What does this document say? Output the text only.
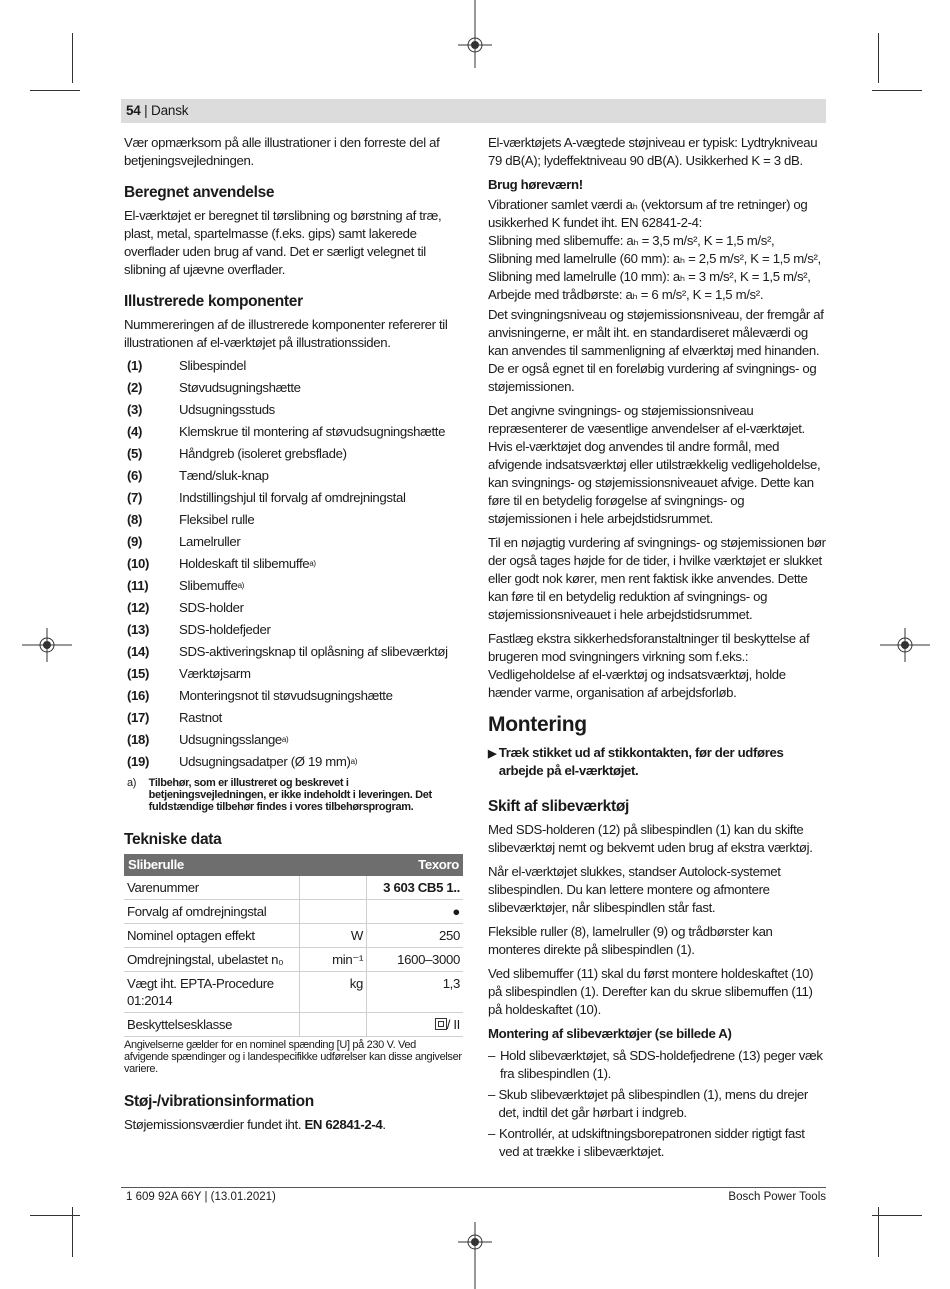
54 | Dansk

Vær opmærksom på alle illustrationer i den forreste del af betjeningsvejledningen.

Beregnet anvendelse

El-værktøjet er beregnet til tørslibning og børstning af træ, plast, metal, spartelmasse (f.eks. gips) samt lakerede overflader uden brug af vand. Det er særligt velegnet til slibning af ujævne overflader.

Illustrerede komponenter

Nummereringen af de illustrerede komponenter refererer til illustrationen af el-værktøjet på illustrationssiden.

(1)	Slibespindel
(2)	Støvudsugningshætte
(3)	Udsugningsstuds
(4)	Klemskrue til montering af støvudsugningshætte
(5)	Håndgreb (isoleret grebsflade)
(6)	Tænd/sluk-knap
(7)	Indstillingshjul til forvalg af omdrejningstal
(8)	Fleksibel rulle
(9)	Lamelruller
(10)	Holdeskaft til slibemuffe a)
(11)	Slibemuffe a)
(12)	SDS-holder
(13)	SDS-holdefjeder
(14)	SDS-aktiveringsknap til oplåsning af slibeværktøj
(15)	Værktøjsarm
(16)	Monteringsnot til støvudsugningshætte
(17)	Rastnot
(18)	Udsugningsslange a)
(19)	Udsugningsadatper (Ø 19 mm) a)
a)	Tilbehør, som er illustreret og beskrevet i betjeningsvejledningen, er ikke indeholdt i leveringen. Det fuldstændige tilbehør findes i vores tilbehørsprogram.
Tekniske data
Sliberulle		Texoro
Varenummer		3 603 CB5 1..
Forvalg af omdrejningstal		●
Nominel optagen effekt	W	250
Omdrejningstal, ubelastet n₀	min⁻¹	1600–3000
Vægt iht. EPTA-Procedure 01:2014	kg	1,3
Beskyttelsesklasse		/ II
Angivelserne gælder for en nominel spænding [U] på 230 V. Ved afvigende spændinger og i landespecifikke udførelser kan disse angivelser variere.
Støj-/vibrationsinformation

Støjemissionsværdier fundet iht. EN 62841-2-4.

El-værktøjets A-vægtede støjniveau er typisk: Lydtrykniveau 79 dB(A); lydeffektniveau 90 dB(A). Usikkerhed K = 3 dB.

Brug høreværn!

Vibrationer samlet værdi aₕ (vektorsum af tre retninger) og usikkerhed K fundet iht. EN 62841-2-4:
Slibning med slibemuffe: aₕ = 3,5 m/s², K = 1,5 m/s²,
Slibning med lamelrulle (60 mm): aₕ = 2,5 m/s², K = 1,5 m/s²,
Slibning med lamelrulle (10 mm): aₕ = 3 m/s², K = 1,5 m/s²,
Arbejde med trådbørste: aₕ = 6 m/s², K = 1,5 m/s².

Det svingningsniveau og støjemissionsniveau, der fremgår af anvisningerne, er målt iht. en standardiseret måleværdi og kan anvendes til sammenligning af elværktøj med hinanden. De er også egnet til en foreløbig vurdering af svingnings- og støjemissionen.

Det angivne svingnings- og støjemissionsniveau repræsenterer de væsentlige anvendelser af el-værktøjet. Hvis el-værktøjet dog anvendes til andre formål, med afvigende indsatsværktøj eller utilstrækkelig vedligeholdelse, kan svingnings- og støjemissionsniveauet afvige. Dette kan føre til en betydelig forøgelse af svingnings- og støjemissionen i hele arbejdstidsrummet.

Til en nøjagtig vurdering af svingnings- og støjemissionen bør der også tages højde for de tider, i hvilke værktøjet er slukket eller godt nok kører, men rent faktisk ikke anvendes. Dette kan føre til en betydelig reduktion af svingnings- og støjemissionsniveauet i hele arbejdstidsrummet.

Fastlæg ekstra sikkerhedsforanstaltninger til beskyttelse af brugeren mod svingningers virkning som f.eks.: Vedligeholdelse af el-værktøj og indsatsværktøj, holde hænder varme, organisation af arbejdsforløb.

Montering
▶ Træk stikket ud af stikkontakten, før der udføres arbejde på el-værktøjet.
Skift af slibeværktøj

Med SDS-holderen (12) på slibespindlen (1) kan du skifte slibeværktøj nemt og bekvemt uden brug af ekstra værktøj.

Når el-værktøjet slukkes, standser Autolock-systemet slibespindlen. Du kan lettere montere og afmontere slibeværktøjer, når slibespindlen står fast.

Fleksible ruller (8), lamelruller (9) og trådbørster kan monteres direkte på slibespindlen (1).

Ved slibemuffer (11) skal du først montere holdeskaftet (10) på slibespindlen (1). Derefter kan du skrue slibemuffen (11) på holdeskaftet (10).

Montering af slibeværktøjer (se billede A)
– Hold slibeværktøjet, så SDS-holdefjedrene (13) peger væk fra slibespindlen (1).
– Skub slibeværktøjet på slibespindlen (1), mens du drejer det, indtil det går hørbart i indgreb.
– Kontrollér, at udskiftningsborepatronen sidder rigtigt fast ved at trække i slibeværktøjet.
1 609 92A 66Y | (13.01.2021)	Bosch Power Tools
